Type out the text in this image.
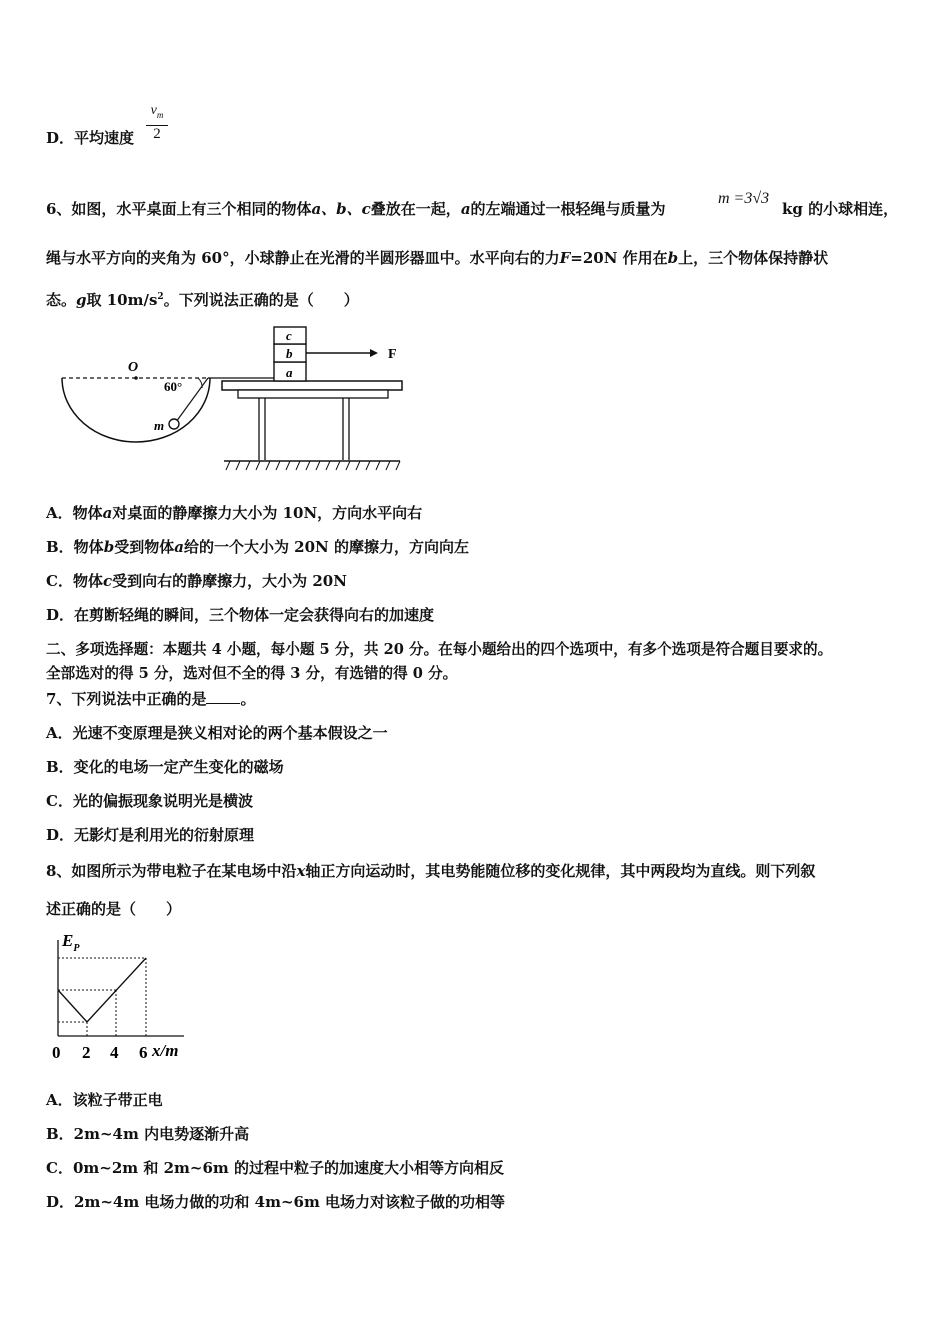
D．平均速度
$v_m$
2
6、如图，水平桌面上有三个相同的物体a、b、c叠放在一起，a的左端通过一根轻绳与质量为
m =3√3
kg 的小球相连，
绳与水平方向的夹角为 60°，小球静止在光滑的半圆形器皿中。水平向右的力F=20N 作用在b上，三个物体保持静状
态。g取 $10m/s^2$。下列说法正确的是（　　）
O
60°
m
a
b
c
F
A．物体a对桌面的静摩擦力大小为 10N，方向水平向右
B．物体b受到物体a给的一个大小为 20N 的摩擦力，方向向左
C．物体c受到向右的静摩擦力，大小为 20N
D．在剪断轻绳的瞬间，三个物体一定会获得向右的加速度
二、多项选择题：本题共 4 小题，每小题 5 分，共 20 分。在每小题给出的四个选项中，有多个选项是符合题目要求的。
全部选对的得 5 分，选对但不全的得 3 分，有选错的得 0 分。
7、下列说法中正确的是 。
A．光速不变原理是狭义相对论的两个基本假设之一
B．变化的电场一定产生变化的磁场
C．光的偏振现象说明光是横波
D．无影灯是利用光的衍射原理
8、如图所示为带电粒子在某电场中沿x轴正方向运动时，其电势能随位移的变化规律，其中两段均为直线。则下列叙
述正确的是（　　）
$E_P$
0 2 4 6 x/m
A．该粒子带正电
B．2m~4m 内电势逐渐升高
C．0m~2m 和 2m~6m 的过程中粒子的加速度大小相等方向相反
D．2m~4m 电场力做的功和 4m~6m 电场力对该粒子做的功相等
